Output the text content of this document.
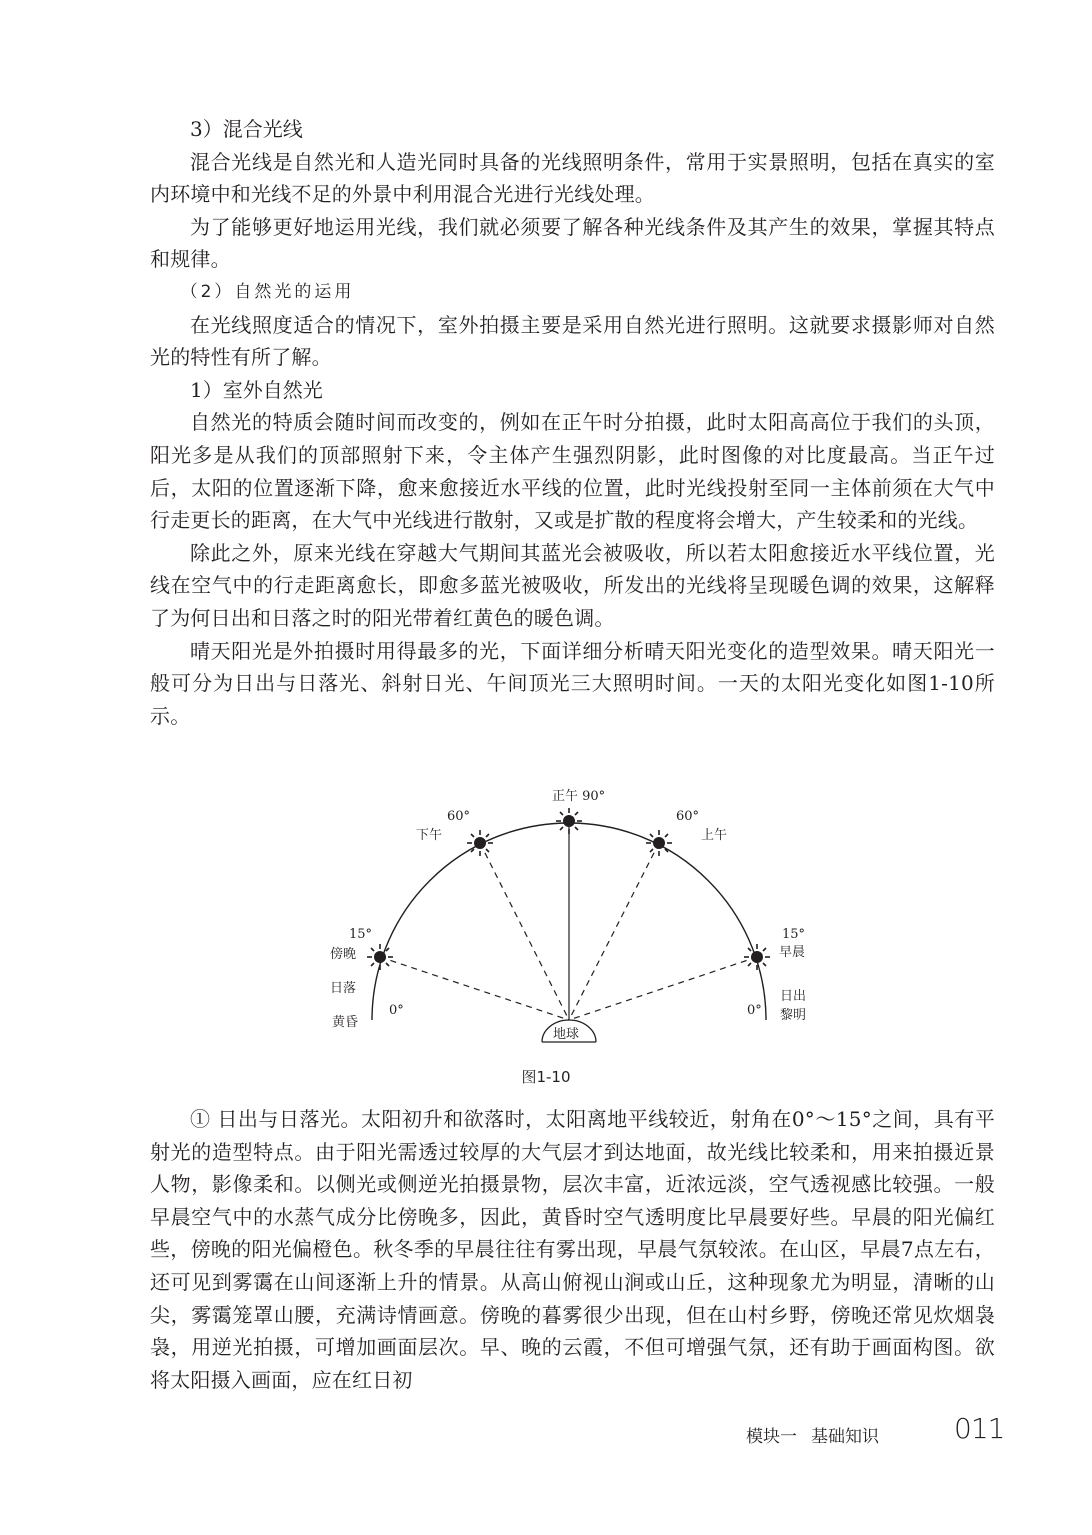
3）混合光线

混合光线是自然光和人造光同时具备的光线照明条件，常用于实景照明，包括在真实的室内环境中和光线不足的外景中利用混合光进行光线处理。

为了能够更好地运用光线，我们就必须要了解各种光线条件及其产生的效果，掌握其特点和规律。

（2）自然光的运用

在光线照度适合的情况下，室外拍摄主要是采用自然光进行照明。这就要求摄影师对自然光的特性有所了解。

1）室外自然光

自然光的特质会随时间而改变的，例如在正午时分拍摄，此时太阳高高位于我们的头顶，阳光多是从我们的顶部照射下来，令主体产生强烈阴影，此时图像的对比度最高。当正午过后，太阳的位置逐渐下降，愈来愈接近水平线的位置，此时光线投射至同一主体前须在大气中行走更长的距离，在大气中光线进行散射，又或是扩散的程度将会增大，产生较柔和的光线。

除此之外，原来光线在穿越大气期间其蓝光会被吸收，所以若太阳愈接近水平线位置，光线在空气中的行走距离愈长，即愈多蓝光被吸收，所发出的光线将呈现暖色调的效果，这解释了为何日出和日落之时的阳光带着红黄色的暖色调。

晴天阳光是外拍摄时用得最多的光，下面详细分析晴天阳光变化的造型效果。晴天阳光一般可分为日出与日落光、斜射日光、午间顶光三大照明时间。一天的太阳光变化如图1-10所示。

正午 90°
60°
下午
60°
上午
15°
傍晚
15°
早晨
日落
黄昏
0°	0°
日出
黎明
地球
图1-10

① 日出与日落光。太阳初升和欲落时，太阳离地平线较近，射角在0°～15°之间，具有平射光的造型特点。由于阳光需透过较厚的大气层才到达地面，故光线比较柔和，用来拍摄近景人物，影像柔和。以侧光或侧逆光拍摄景物，层次丰富，近浓远淡，空气透视感比较强。一般早晨空气中的水蒸气成分比傍晚多，因此，黄昏时空气透明度比早晨要好些。早晨的阳光偏红些，傍晚的阳光偏橙色。秋冬季的早晨往往有雾出现，早晨气氛较浓。在山区，早晨7点左右，还可见到雾霭在山间逐渐上升的情景。从高山俯视山涧或山丘，这种现象尤为明显，清晰的山尖，雾霭笼罩山腰，充满诗情画意。傍晚的暮雾很少出现，但在山村乡野，傍晚还常见炊烟袅袅，用逆光拍摄，可增加画面层次。早、晚的云霞，不但可增强气氛，还有助于画面构图。欲将太阳摄入画面，应在红日初

模块一 基础知识	011
